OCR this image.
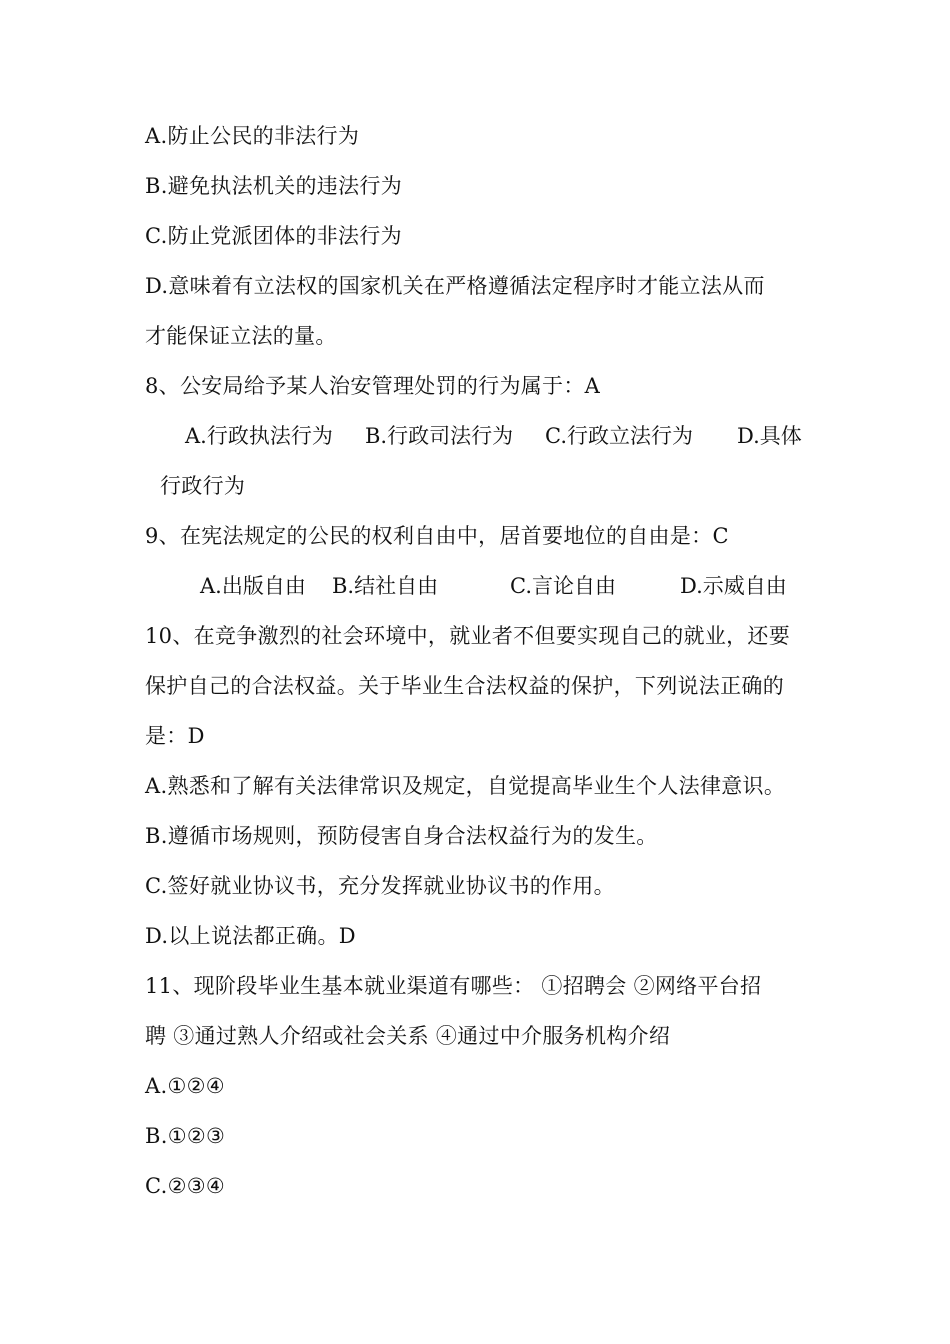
A.防止公民的非法行为
B.避免执法机关的违法行为
C.防止党派团体的非法行为
D.意味着有立法权的国家机关在严格遵循法定程序时才能立法从而
才能保证立法的量。
8、公安局给予某人治安管理处罚的行为属于：A
A.行政执法行为 B.行政司法行为 C.行政立法行为 D.具体
行政行为
9、在宪法规定的公民的权利自由中，居首要地位的自由是：C
A.出版自由 B.结社自由	C.言论自由	D.示威自由
10、在竞争激烈的社会环境中，就业者不但要实现自己的就业，还要
保护自己的合法权益。关于毕业生合法权益的保护，下列说法正确的
是：D
A.熟悉和了解有关法律常识及规定，自觉提高毕业生个人法律意识。
B.遵循市场规则，预防侵害自身合法权益行为的发生。
C.签好就业协议书，充分发挥就业协议书的作用。
D.以上说法都正确。D
11、现阶段毕业生基本就业渠道有哪些： ①招聘会 ②网络平台招
聘 ③通过熟人介绍或社会关系 ④通过中介服务机构介绍
A.①②④
B.①②③
C.②③④
